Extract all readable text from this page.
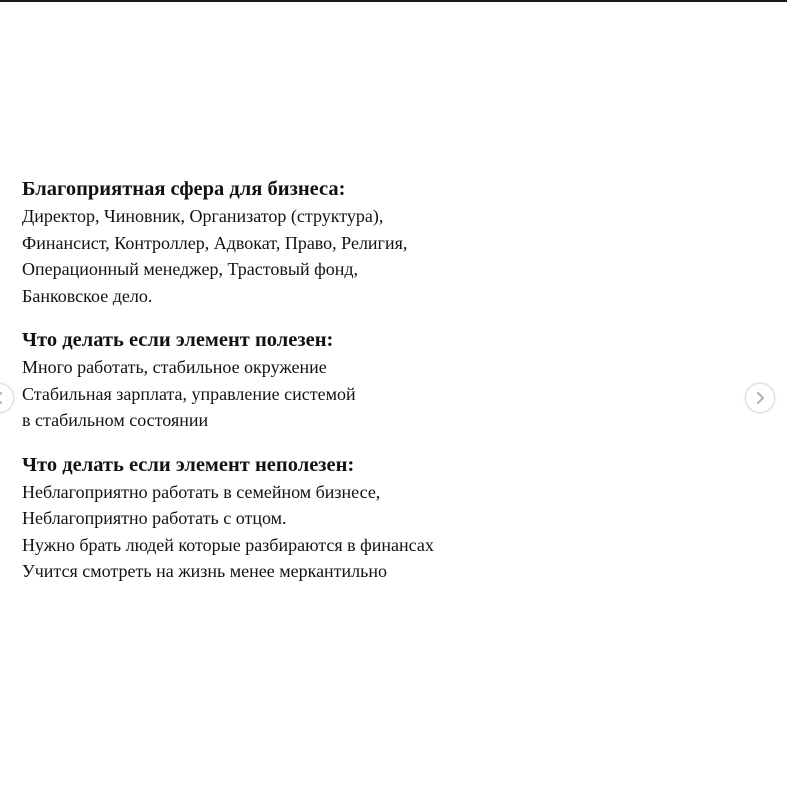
Благоприятная сфера для бизнеса:

Директор, Чиновник, Организатор (структура),

Финансист, Контроллер, Адвокат, Право, Религия,

Операционный менеджер, Трастовый фонд,

Банковское дело.

Что делать если элемент полезен:

Много работать, стабильное окружение

Стабильная зарплата, управление системой

в стабильном состоянии

Что делать если элемент неполезен:

Неблагоприятно работать в семейном бизнесе,

Неблагоприятно работать с отцом.

Нужно брать людей которые разбираются в финансах

Учится смотреть на жизнь менее меркантильно
